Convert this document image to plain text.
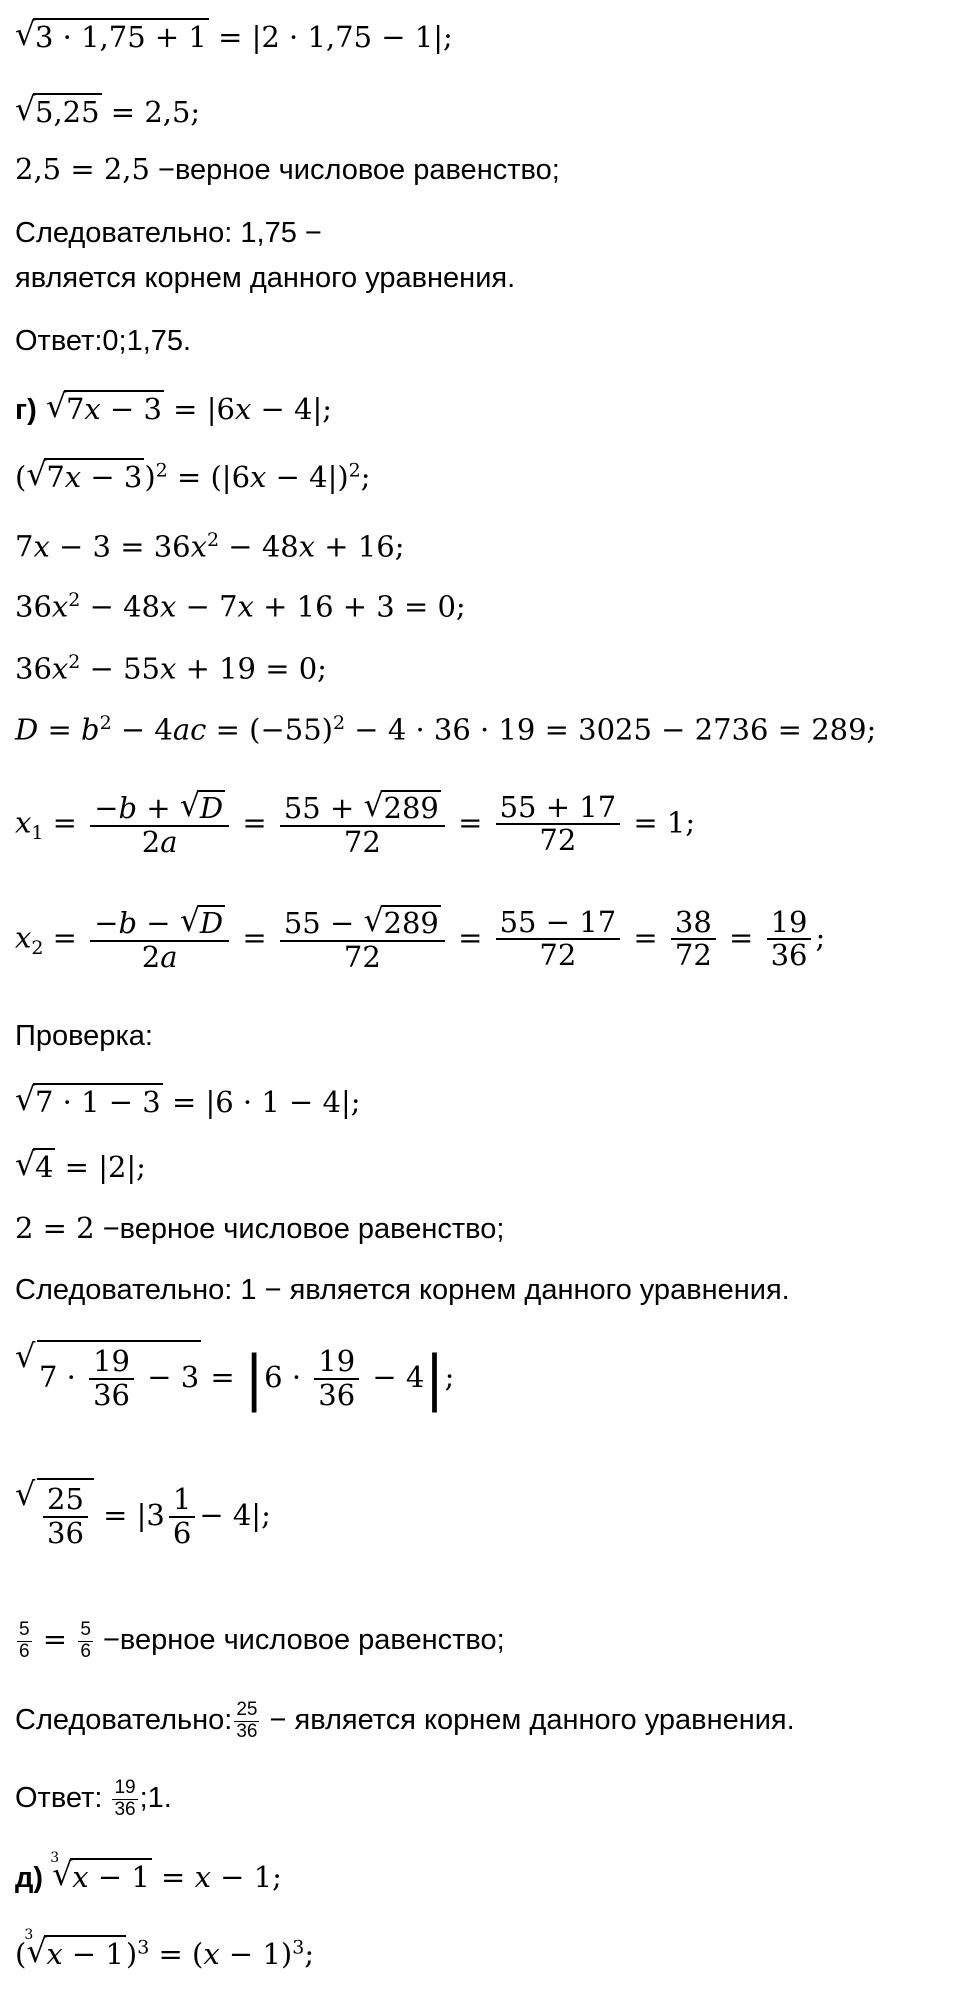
√ 3 · 1,75 + 1 = |2 · 1,75 − 1|;
√ 5,25 = 2,5;
2,5 = 2,5 −верное числовое равенство;
Следовательно: 1,75 −
является корнем данного уравнения.
Ответ:0;1,75.
г) √ 7x − 3 = |6x − 4|;
( √ $7x - 3)^2 = (|6x - 4|)^2$;
$7x - 3 = 36x^2 - 48x + 16$;
$36x^2 - 48x - 7x + 16 + 3 = 0$;
$36x^2 - 55x + 19 = 0$;
$D = b^2 - 4ac = (-55)^2 - 4 \cdot 36 \cdot 19 = 3025 - 2736 = 289$;
$x_1 = \frac{-b + √ D}{2a} = \frac{55 + √ 289}{72} = \frac{55 + 17}{72} = 1$;
$x_2 = \frac{-b - √ D}{2a} = \frac{55 - √ 289}{72} = \frac{55 - 17}{72} = \frac{38}{72} = \frac{19}{36}$ ;
Проверка:
√ 7 · 1 − 3 = |6 · 1 − 4|;
√ 4 = |2|;
2 = 2 −верное числовое равенство;
Следовательно: 1 − является корнем данного уравнения.
√ $7 \cdot \frac{19}{36} - 3 = |6 \cdot \frac{19}{36} - 4|$;
√ $\frac{25}{36} = |3 \frac{1}{6} - 4|$;
$\frac{5}{6} = \frac{5}{6}$ −верное числовое равенство;
Следовательно: $\frac{25}{36}$ − является корнем данного уравнения.
Ответ: $\frac{19}{36}$ ;1.
д)
√ 3
x − 1 = x − 1;
(
√ 3
$x - 1)^3 = (x - 1)^3$;
